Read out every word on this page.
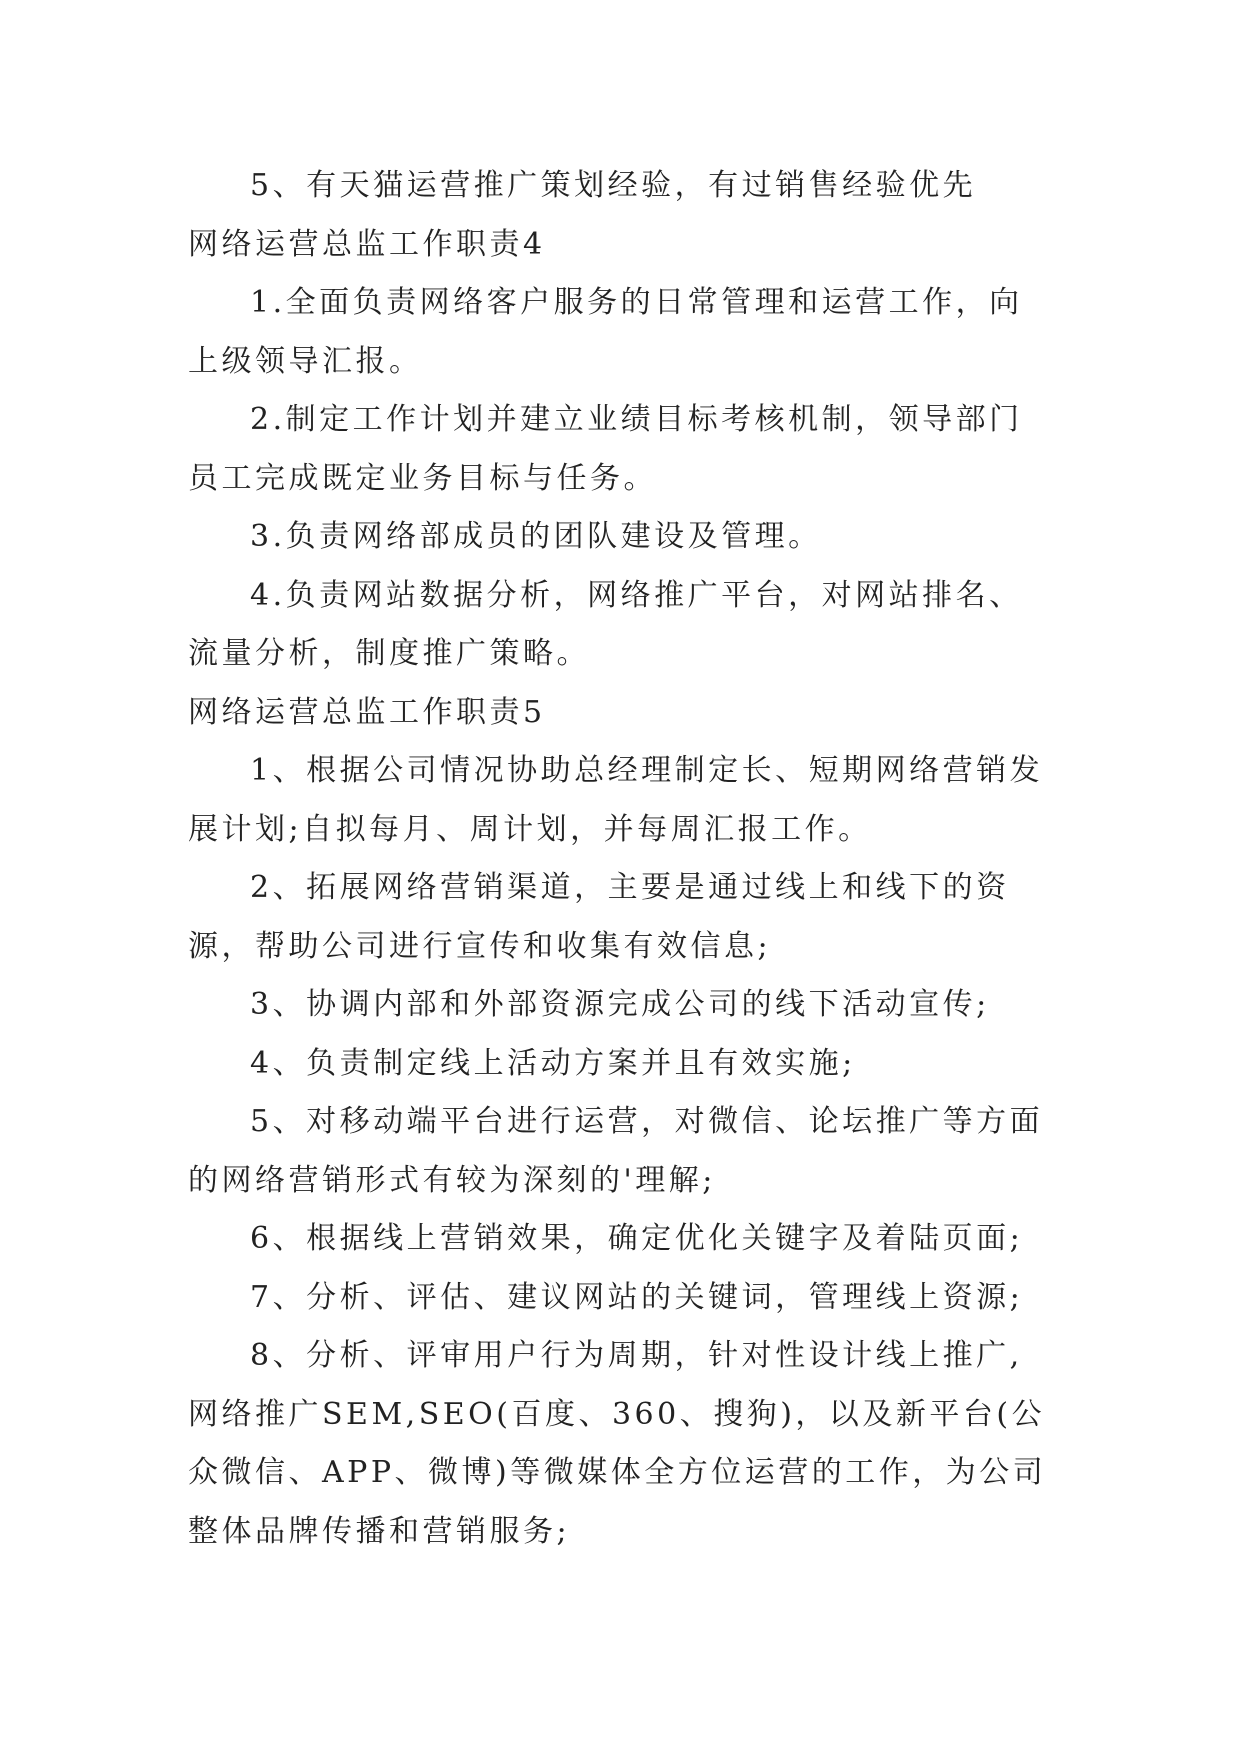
5、有天猫运营推广策划经验，有过销售经验优先

网络运营总监工作职责4

1.全面负责网络客户服务的日常管理和运营工作，向上级领导汇报。

2.制定工作计划并建立业绩目标考核机制，领导部门员工完成既定业务目标与任务。

3.负责网络部成员的团队建设及管理。

4.负责网站数据分析，网络推广平台，对网站排名、流量分析，制度推广策略。

网络运营总监工作职责5

1、根据公司情况协助总经理制定长、短期网络营销发展计划;自拟每月、周计划，并每周汇报工作。

2、拓展网络营销渠道，主要是通过线上和线下的资源，帮助公司进行宣传和收集有效信息;

3、协调内部和外部资源完成公司的线下活动宣传;

4、负责制定线上活动方案并且有效实施;

5、对移动端平台进行运营，对微信、论坛推广等方面的网络营销形式有较为深刻的'理解;

6、根据线上营销效果，确定优化关键字及着陆页面;

7、分析、评估、建议网站的关键词，管理线上资源;

8、分析、评审用户行为周期，针对性设计线上推广,网络推广SEM,SEO(百度、360、搜狗)，以及新平台(公众微信、APP、微博)等微媒体全方位运营的工作，为公司整体品牌传播和营销服务;
